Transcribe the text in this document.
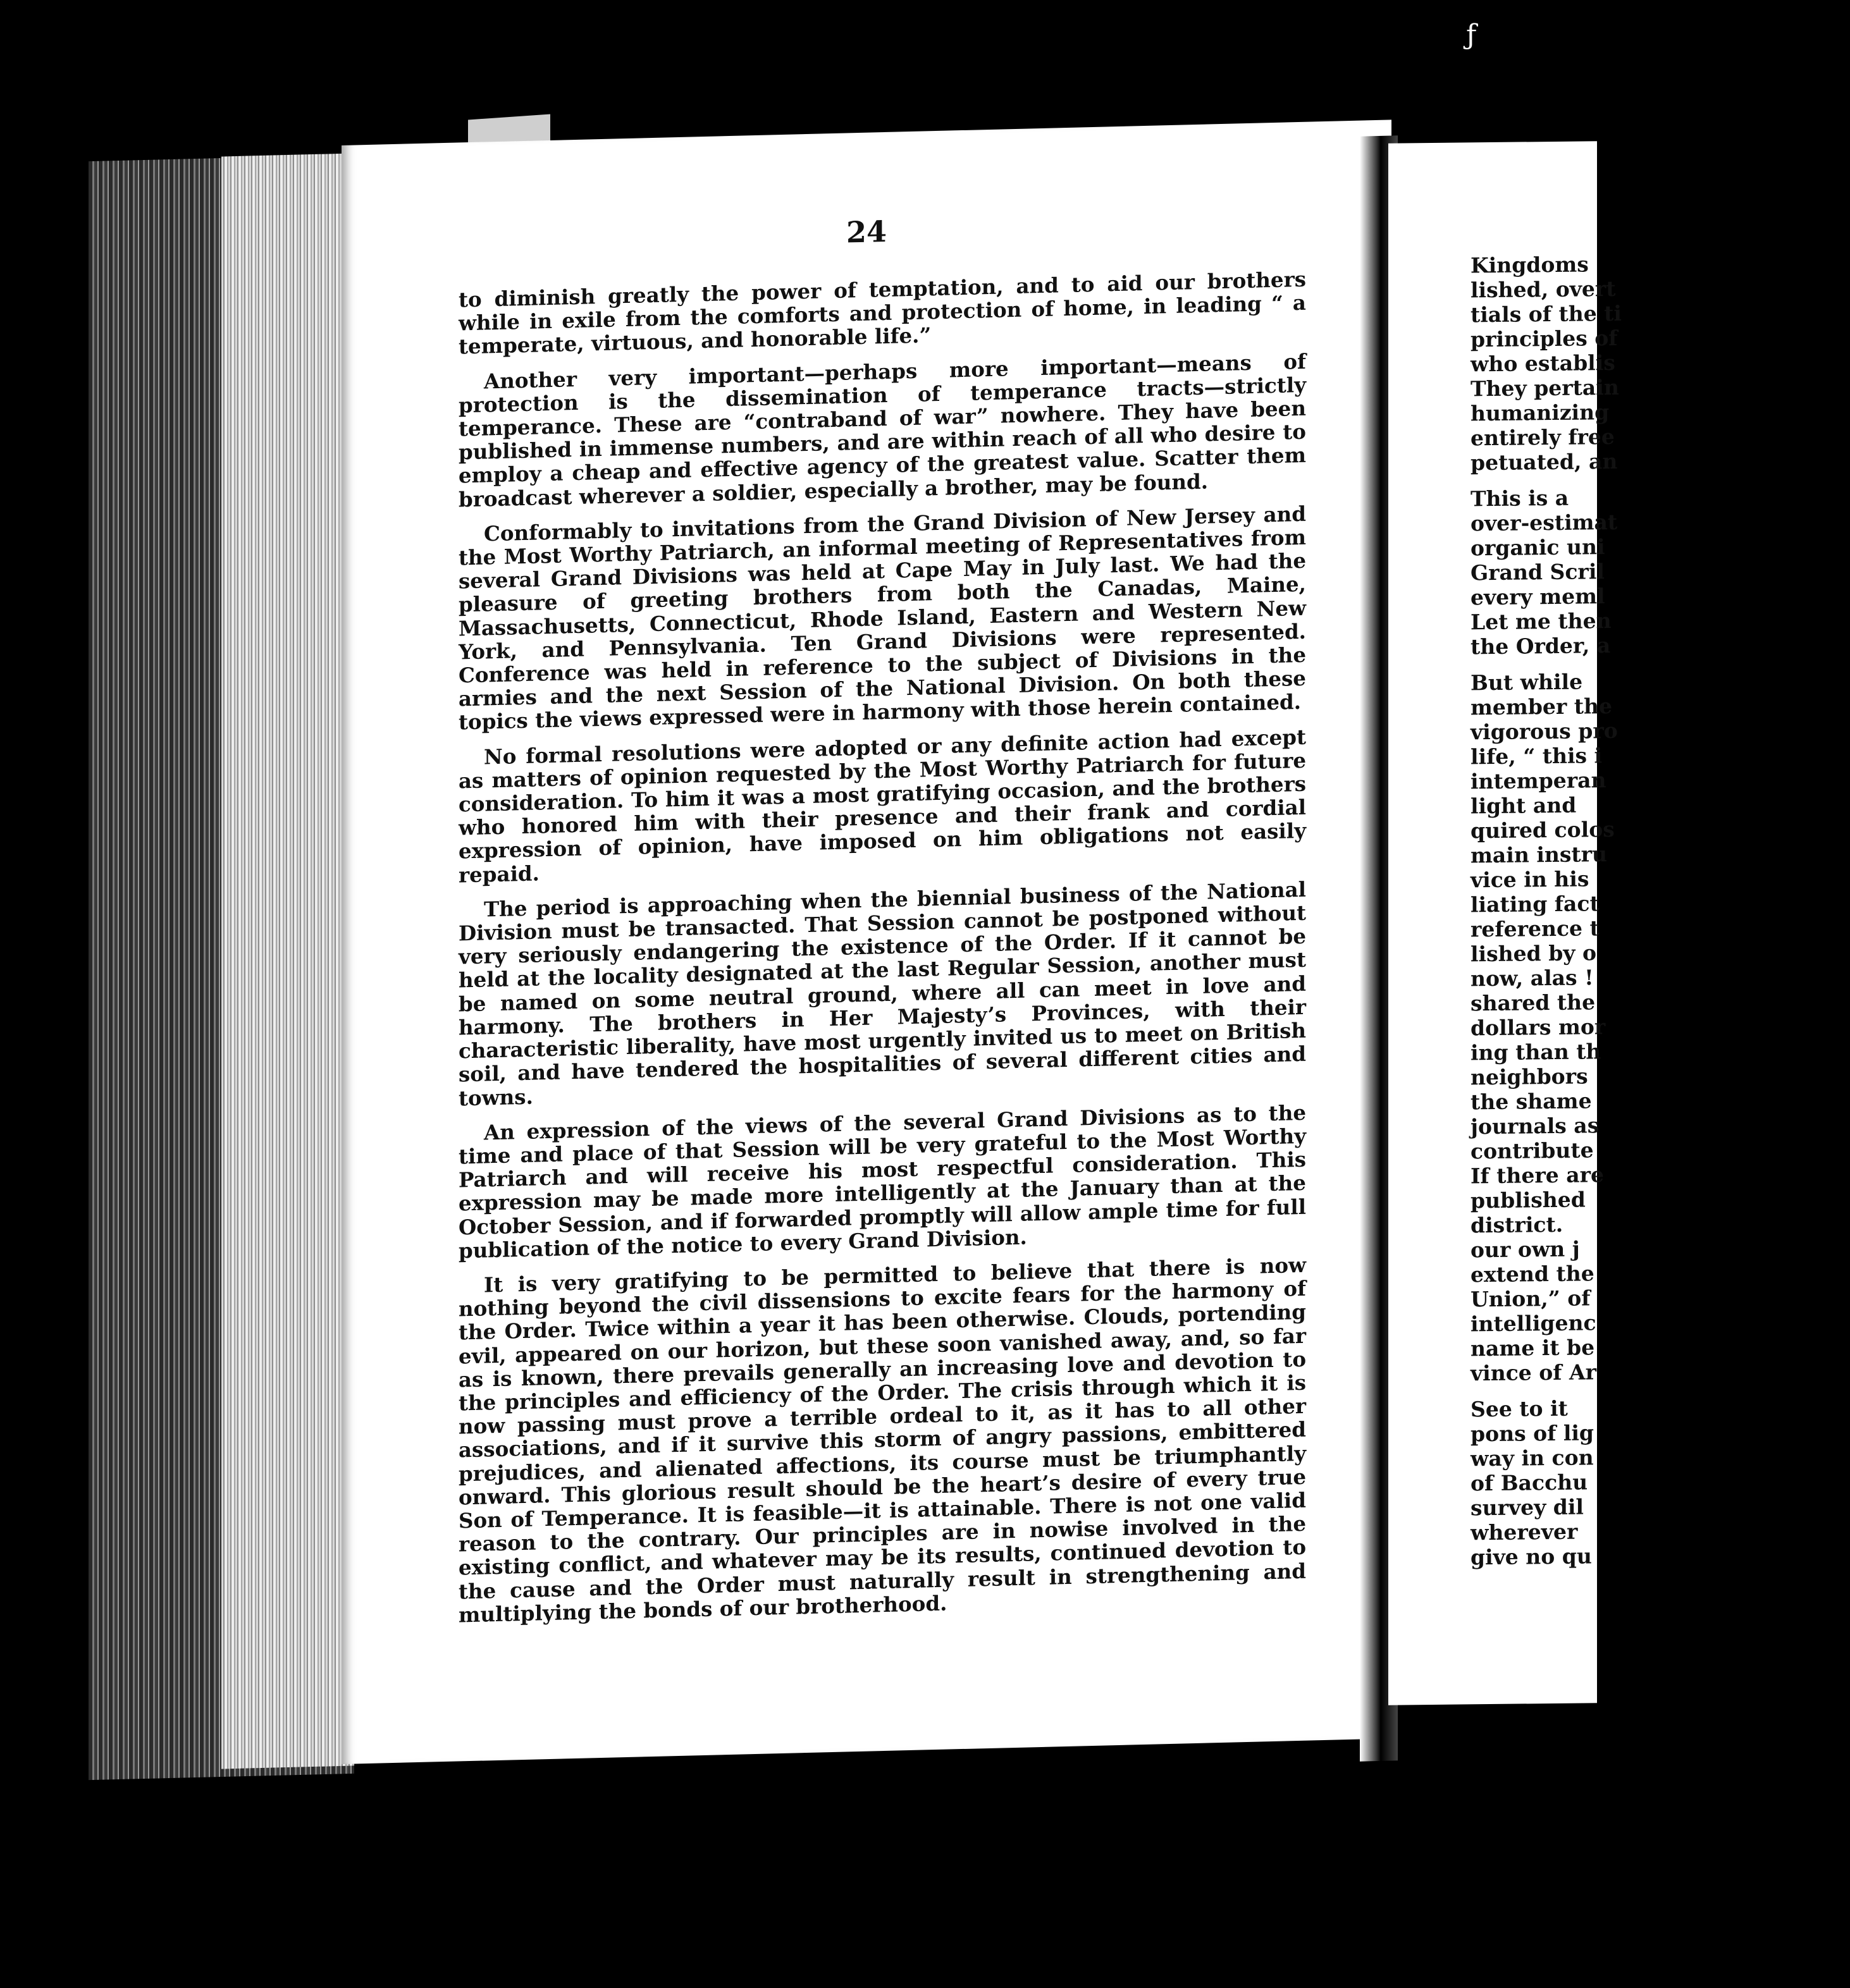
ƒ
24

to diminish greatly the power of temptation, and to aid our brothers while in exile from the comforts and protection of home, in leading “ a temperate, virtuous, and honorable life.”

Another very important—perhaps more important—means of protection is the dissemination of temperance tracts—strictly temperance. These are “contraband of war” nowhere. They have been published in immense numbers, and are within reach of all who desire to employ a cheap and effective agency of the greatest value. Scatter them broadcast wherever a soldier, especially a brother, may be found.

Conformably to invitations from the Grand Division of New Jersey and the Most Worthy Patriarch, an informal meeting of Representatives from several Grand Divisions was held at Cape May in July last. We had the pleasure of greeting brothers from both the Canadas, Maine, Massachusetts, Connecticut, Rhode Island, Eastern and Western New York, and Pennsylvania. Ten Grand Divisions were represented. Conference was held in reference to the subject of Divisions in the armies and the next Session of the National Division. On both these topics the views expressed were in harmony with those herein contained.

No formal resolutions were adopted or any definite action had except as matters of opinion requested by the Most Worthy Patriarch for future consideration. To him it was a most gratifying occasion, and the brothers who honored him with their presence and their frank and cordial expression of opinion, have imposed on him obligations not easily repaid.

The period is approaching when the biennial business of the National Division must be transacted. That Session cannot be postponed without very seriously endangering the existence of the Order. If it cannot be held at the locality designated at the last Regular Session, another must be named on some neutral ground, where all can meet in love and harmony. The brothers in Her Majesty’s Provinces, with their characteristic liberality, have most urgently invited us to meet on British soil, and have tendered the hospitalities of several different cities and towns.

An expression of the views of the several Grand Divisions as to the time and place of that Session will be very grateful to the Most Worthy Patriarch and will receive his most respectful consideration. This expression may be made more intelligently at the January than at the October Session, and if forwarded promptly will allow ample time for full publication of the notice to every Grand Division.

It is very gratifying to be permitted to believe that there is now nothing beyond the civil dissensions to excite fears for the harmony of the Order. Twice within a year it has been otherwise. Clouds, portending evil, appeared on our horizon, but these soon vanished away, and, so far as is known, there prevails generally an increasing love and devotion to the principles and efficiency of the Order. The crisis through which it is now passing must prove a terrible ordeal to it, as it has to all other associations, and if it survive this storm of angry passions, embittered prejudices, and alienated affections, its course must be triumphantly onward. This glorious result should be the heart’s desire of every true Son of Temperance. It is feasible—it is attainable. There is not one valid reason to the contrary. Our principles are in nowise involved in the existing conflict, and whatever may be its results, continued devotion to the cause and the Order must naturally result in strengthening and multiplying the bonds of our brotherhood.

Kingdoms
lished, overt
tials of the ti
principles of
who establis
They pertain
humanizing
entirely free
petuated, an
This is a
over-estimat
organic uni
Grand Scril
every meml
Let me then
the Order, a
But while
member the
vigorous pro
life, “ this i
intemperan
light and
quired colos
main instru
vice in his
liating fact
reference t
lished by o
now, alas !
shared the
dollars mor
ing than th
neighbors
the shame
journals as
contribute
If there are
published
district.
our own j
extend the
Union,” of
intelligenc
name it be
vince of Ar
See to it
pons of lig
way in con
of Bacchu
survey dil
wherever
give no qu
